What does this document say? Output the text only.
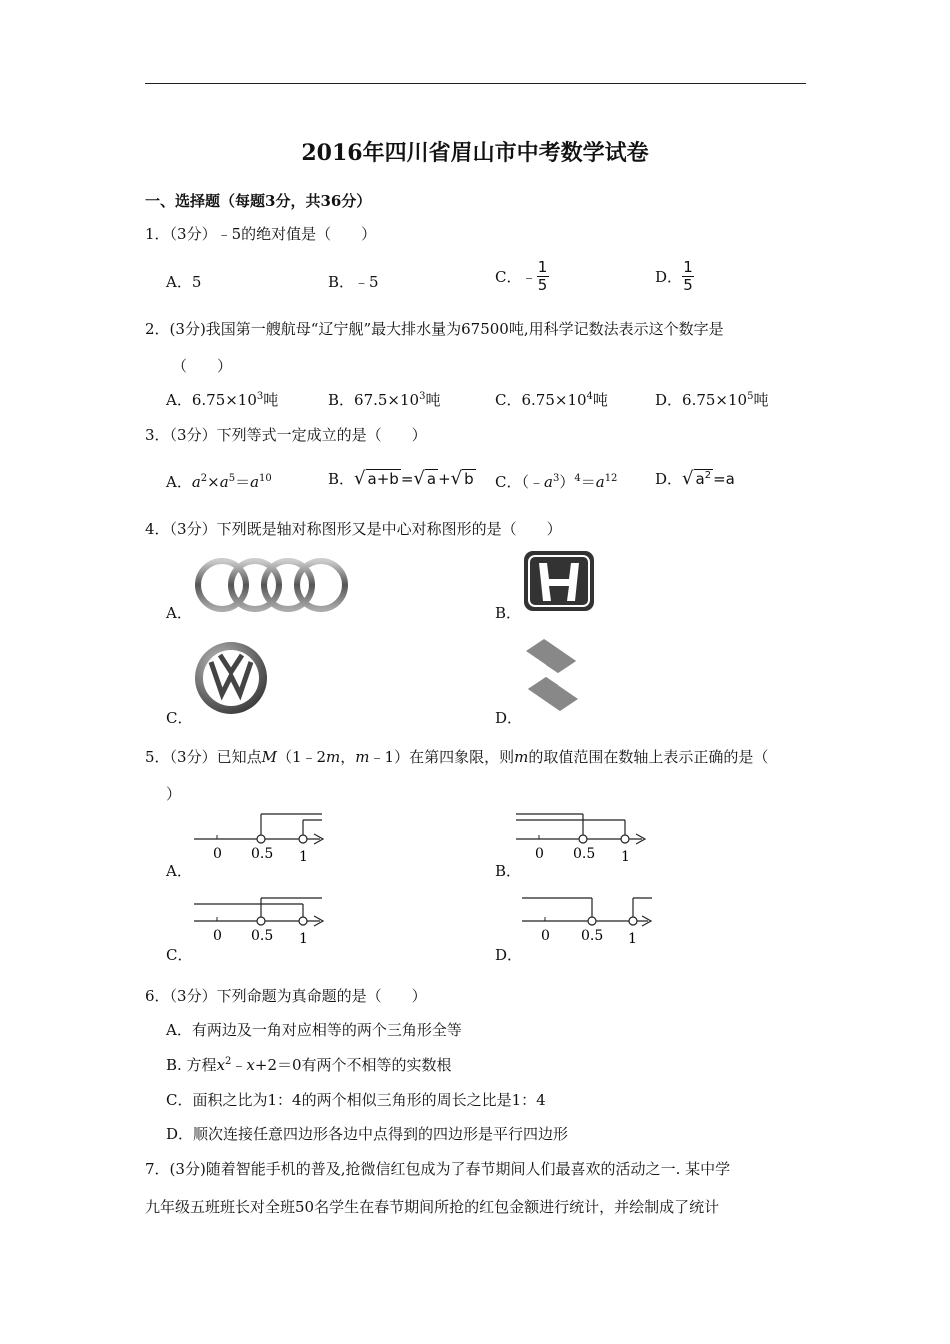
2016年四川省眉山市中考数学试卷
一、选择题（每题3分，共36分）
1．（3分）﹣5的绝对值是（　　）
A．5	B．﹣5	C．﹣ $\frac{1}{5}$	D． $\frac{1}{5}$
2．(3分)我国第一艘航母“辽宁舰”最大排水量为67500吨,用科学记数法表示这个数字是
（　　）
A．$6.75\times 10^3$吨	B．$67.5\times 10^3$吨	C．$6.75\times 10^4$吨	D．$6.75\times 10^5$吨
3．（3分）下列等式一定成立的是（　　）
A．$a^2\times a^5=a^{10}$	B．√ a+b =√ a +√ b C．$(﹣a^3)^4=a^{12}$	D．√ $a^2 =a$
4．（3分）下列既是轴对称图形又是中心对称图形的是（　　）
A．	B．
C．	D．
5．（3分）已知点M（1﹣2m，m﹣1）在第四象限，则m的取值范围在数轴上表示正确的是（
）
A．	B．
C．	D．
0 0.5 1	0 0.5 1
0 0.5 1	0 0.5 1
6．（3分）下列命题为真命题的是（　　）
A．有两边及一角对应相等的两个三角形全等
B. 方程$x^2﹣x+2=0$有两个不相等的实数根
C．面积之比为1：4的两个相似三角形的周长之比是1：4
D．顺次连接任意四边形各边中点得到的四边形是平行四边形
7．(3分)随着智能手机的普及,抢微信红包成为了春节期间人们最喜欢的活动之一. 某中学
九年级五班班长对全班50名学生在春节期间所抢的红包金额进行统计，并绘制成了统计
